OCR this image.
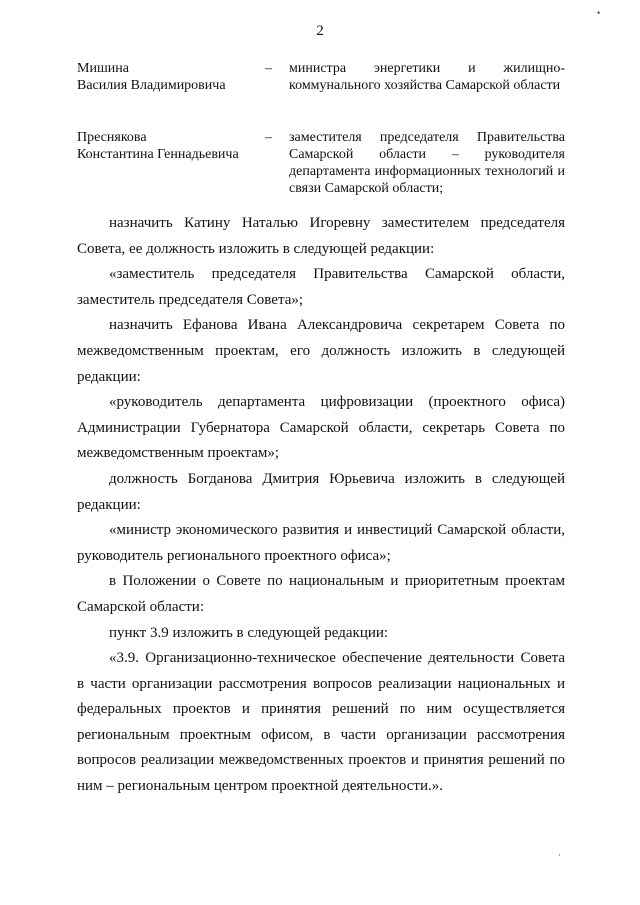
2
Мишина
Василия Владимировича
– министра энергетики и жилищно-коммунального хозяйства Самарской области
Преснякова
Константина Геннадьевича
– заместителя председателя Правительства Самарской области – руководителя департамента информационных технологий и связи Самарской области;

назначить Катину Наталью Игоревну заместителем председателя Совета, ее должность изложить в следующей редакции:

«заместитель председателя Правительства Самарской области, заместитель председателя Совета»;

назначить Ефанова Ивана Александровича секретарем Совета по межведомственным проектам, его должность изложить в следующей редакции:

«руководитель департамента цифровизации (проектного офиса) Администрации Губернатора Самарской области, секретарь Совета по межведомственным проектам»;

должность Богданова Дмитрия Юрьевича изложить в следующей редакции:

«министр экономического развития и инвестиций Самарской области, руководитель регионального проектного офиса»;

в Положении о Совете по национальным и приоритетным проектам Самарской области:

пункт 3.9 изложить в следующей редакции:

«3.9. Организационно-техническое обеспечение деятельности Совета в части организации рассмотрения вопросов реализации национальных и федеральных проектов и принятия решений по ним осуществляется региональным проектным офисом, в части организации рассмотрения вопросов реализации межведомственных проектов и принятия решений по ним – региональным центром проектной деятельности.».

•
·
